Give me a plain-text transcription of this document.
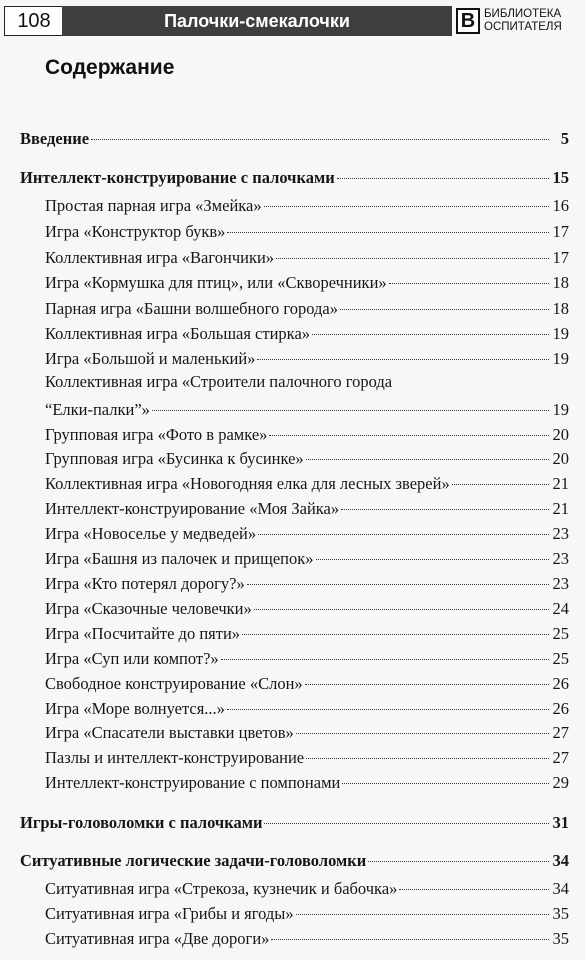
108	Палочки-смекалочки	В БИБЛИОТЕКА
ОСПИТАТЕЛЯ
Содержание
Введение	5
Интеллект-конструирование с палочками	15
Простая парная игра «Змейка»	16
Игра «Конструктор букв»	17
Коллективная игра «Вагончики»	17
Игра «Кормушка для птиц», или «Скворечники»	18
Парная игра «Башни волшебного города»	18
Коллективная игра «Большая стирка»	19
Игра «Большой и маленький»	19
Коллективная игра «Строители палочного города
“Елки-палки”»	19
Групповая игра «Фото в рамке»	20
Групповая игра «Бусинка к бусинке»	20
Коллективная игра «Новогодняя елка для лесных зверей»	21
Интеллект-конструирование «Моя Зайка»	21
Игра «Новоселье у медведей»	23
Игра «Башня из палочек и прищепок»	23
Игра «Кто потерял дорогу?»	23
Игра «Сказочные человечки»	24
Игра «Посчитайте до пяти»	25
Игра «Суп или компот?»	25
Свободное конструирование «Слон»	26
Игра «Море волнуется...»	26
Игра «Спасатели выставки цветов»	27
Пазлы и интеллект-конструирование	27
Интеллект-конструирование с помпонами	29
Игры-головоломки с палочками	31
Ситуативные логические задачи-головоломки	34
Ситуативная игра «Стрекоза, кузнечик и бабочка»	34
Ситуативная игра «Грибы и ягоды»	35
Ситуативная игра «Две дороги»	35
